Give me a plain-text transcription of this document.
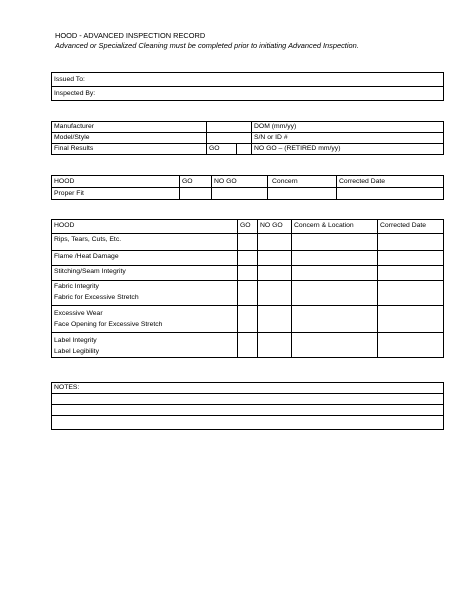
HOOD - ADVANCED INSPECTION RECORD
Advanced or Specialized Cleaning must be completed prior to initiating Advanced Inspection.
Issued To:
Inspected By:
Manufacturer			DOM (mm/yy)
Model/Style			S/N or ID #
Final Results	GO		NO GO – (RETIRED mm/yy)
HOOD	GO	NO GO	Concern	Corrected Date
Proper Fit				
HOOD	GO	NO GO	Concern & Location	Corrected Date
Rips, Tears, Cuts, Etc.				
Flame /Heat Damage				
Stitching/Seam Integrity				

Fabric Integrity
Fabric for Excessive Stretch				

Excessive Wear
Face Opening for Excessive Stretch				

Label Integrity
Label Legibility				

NOTES:
